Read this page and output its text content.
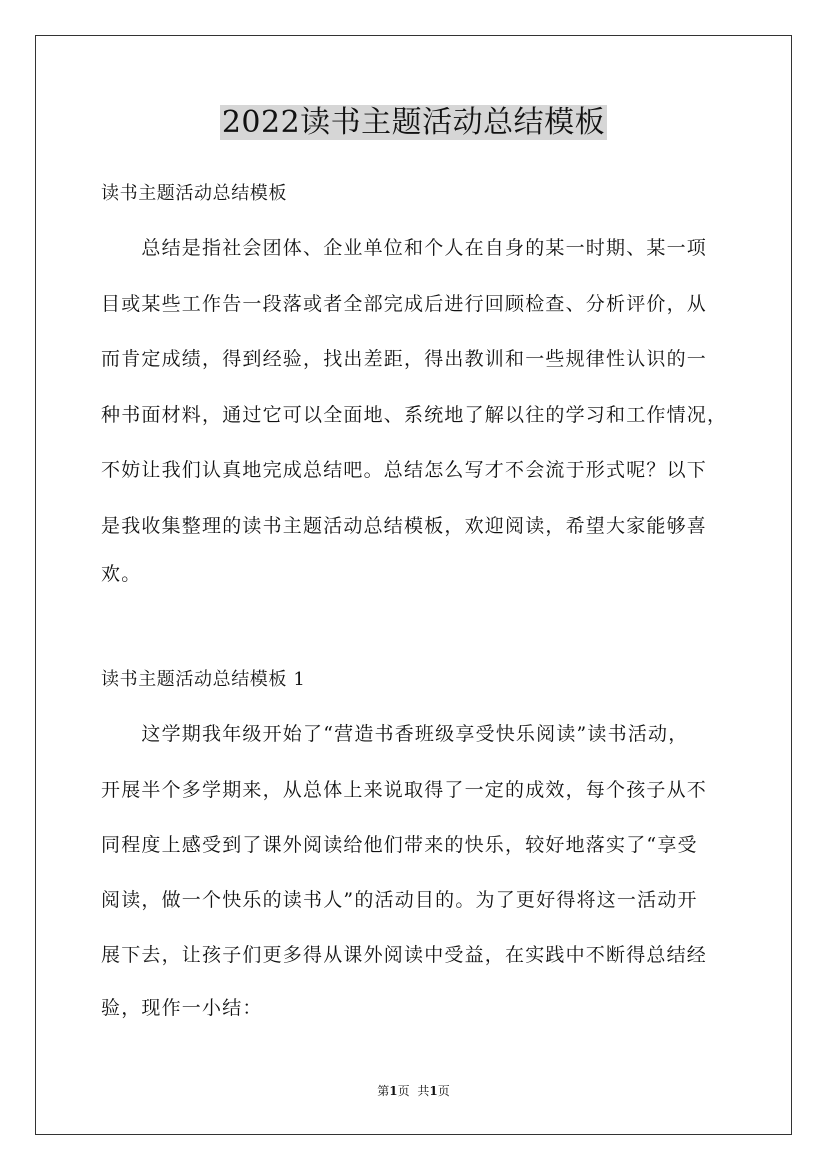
2022读书主题活动总结模板
读书主题活动总结模板
　　总结是指社会团体、企业单位和个人在自身的某一时期、某一项
目或某些工作告一段落或者全部完成后进行回顾检查、分析评价，从
而肯定成绩，得到经验，找出差距，得出教训和一些规律性认识的一
种书面材料，通过它可以全面地、系统地了解以往的学习和工作情况，
不妨让我们认真地完成总结吧。总结怎么写才不会流于形式呢？以下
是我收集整理的读书主题活动总结模板，欢迎阅读，希望大家能够喜
欢。
读书主题活动总结模板 1
　　这学期我年级开始了“营造书香班级享受快乐阅读”读书活动，
开展半个多学期来，从总体上来说取得了一定的成效，每个孩子从不
同程度上感受到了课外阅读给他们带来的快乐，较好地落实了“享受
阅读，做一个快乐的读书人”的活动目的。为了更好得将这一活动开
展下去，让孩子们更多得从课外阅读中受益，在实践中不断得总结经
验，现作一小结：
第1页 共1页
